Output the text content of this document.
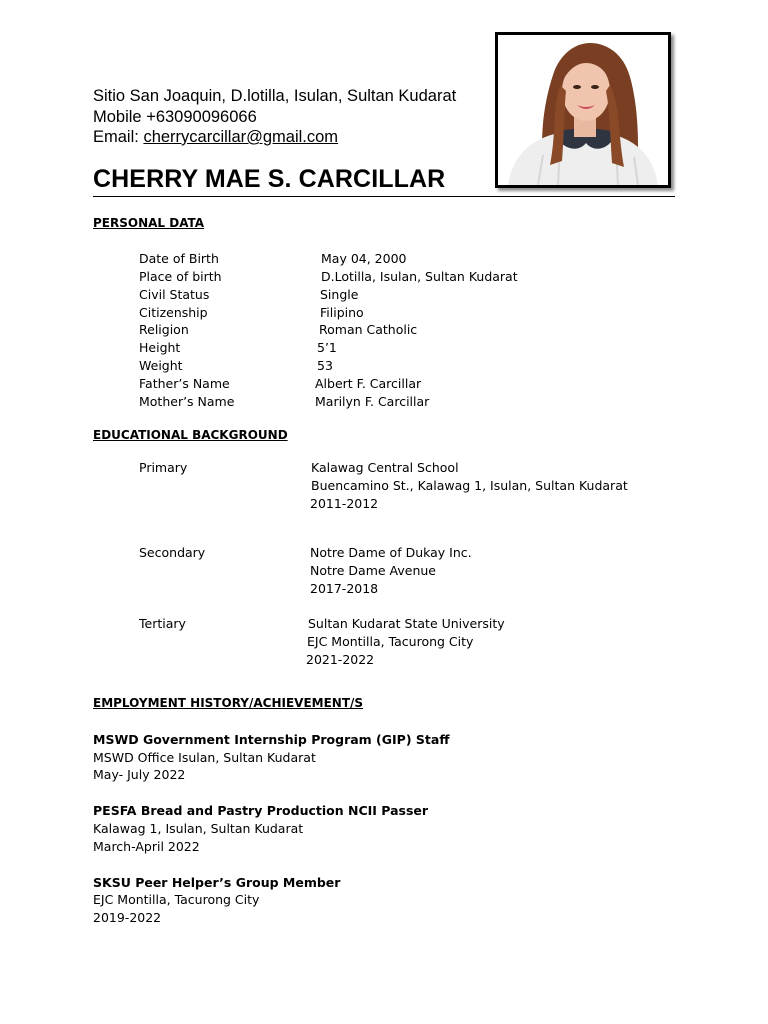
Sitio San Joaquin, D.lotilla, Isulan, Sultan Kudarat
Mobile +63090096066
Email: cherrycarcillar@gmail.com
CHERRY MAE S. CARCILLAR
PERSONAL DATA
Date of Birth	May 04, 2000
Place of birth	D.Lotilla, Isulan, Sultan Kudarat
Civil Status	Single
Citizenship	Filipino
Religion	Roman Catholic
Height	5’1
Weight	53
Father’s Name	Albert F. Carcillar
Mother’s Name	Marilyn F. Carcillar
EDUCATIONAL BACKGROUND
Primary	Kalawag Central School
Buencamino St., Kalawag 1, Isulan, Sultan Kudarat
2011-2012
Secondary	Notre Dame of Dukay Inc.
Notre Dame Avenue
2017-2018
Tertiary	Sultan Kudarat State University
EJC Montilla, Tacurong City
2021-2022
EMPLOYMENT HISTORY/ACHIEVEMENT/S
MSWD Government Internship Program (GIP) Staff
MSWD Office Isulan, Sultan Kudarat
May- July 2022
PESFA Bread and Pastry Production NCII Passer
Kalawag 1, Isulan, Sultan Kudarat
March-April 2022
SKSU Peer Helper’s Group Member
EJC Montilla, Tacurong City
2019-2022
